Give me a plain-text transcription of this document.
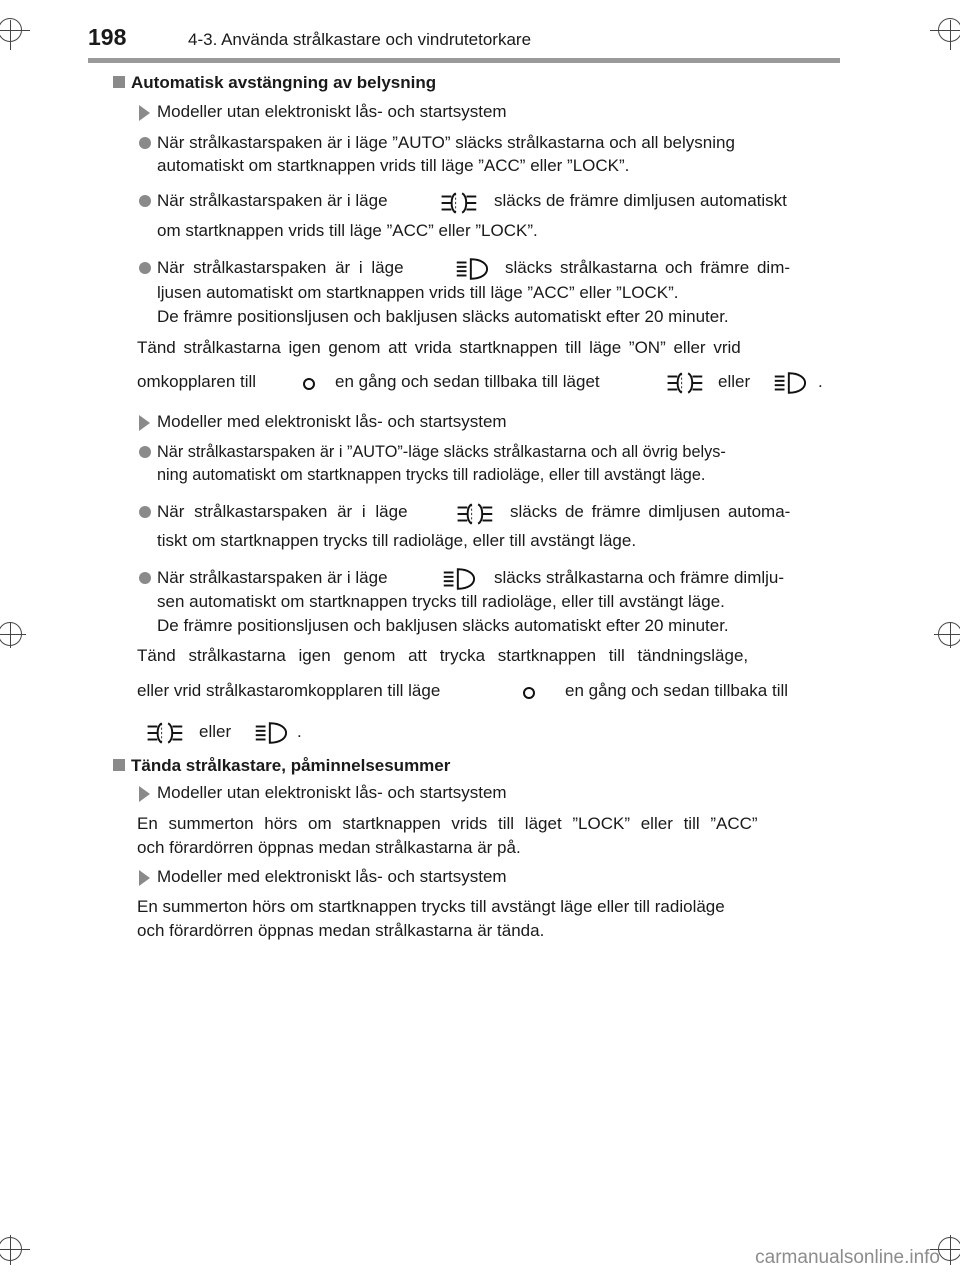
198	4-3. Använda strålkastare och vindrutetorkare
Automatisk avstängning av belysning
Modeller utan elektroniskt lås- och startsystem
När strålkastarspaken är i läge ”AUTO” släcks strålkastarna och all belysning
automatiskt om startknappen vrids till läge ”ACC” eller ”LOCK”.
När strålkastarspaken är i läge	släcks de främre dimljusen automatiskt
om startknappen vrids till läge ”ACC” eller ”LOCK”.
När strålkastarspaken är i läge	släcks strålkastarna och främre dim-
ljusen automatiskt om startknappen vrids till läge ”ACC” eller ”LOCK”.
De främre positionsljusen och bakljusen släcks automatiskt efter 20 minuter.
Tänd strålkastarna igen genom att vrida startknappen till läge ”ON” eller vrid
omkopplaren till	en gång och sedan tillbaka till läget	eller	.
Modeller med elektroniskt lås- och startsystem
När strålkastarspaken är i ”AUTO”-läge släcks strålkastarna och all övrig belys-
ning automatiskt om startknappen trycks till radioläge, eller till avstängt läge.
När strålkastarspaken är i läge	släcks de främre dimljusen automa-
tiskt om startknappen trycks till radioläge, eller till avstängt läge.
När strålkastarspaken är i läge	släcks strålkastarna och främre dimlju-
sen automatiskt om startknappen trycks till radioläge, eller till avstängt läge.
De främre positionsljusen och bakljusen släcks automatiskt efter 20 minuter.
Tänd strålkastarna igen genom att trycka startknappen till tändningsläge,
eller vrid strålkastaromkopplaren till läge	en gång och sedan tillbaka till
eller	.
Tända strålkastare, påminnelsesummer
Modeller utan elektroniskt lås- och startsystem
En summerton hörs om startknappen vrids till läget ”LOCK” eller till ”ACC”
och förardörren öppnas medan strålkastarna är på.
Modeller med elektroniskt lås- och startsystem
En summerton hörs om startknappen trycks till avstängt läge eller till radioläge
och förardörren öppnas medan strålkastarna är tända.
carmanualsonline.info
